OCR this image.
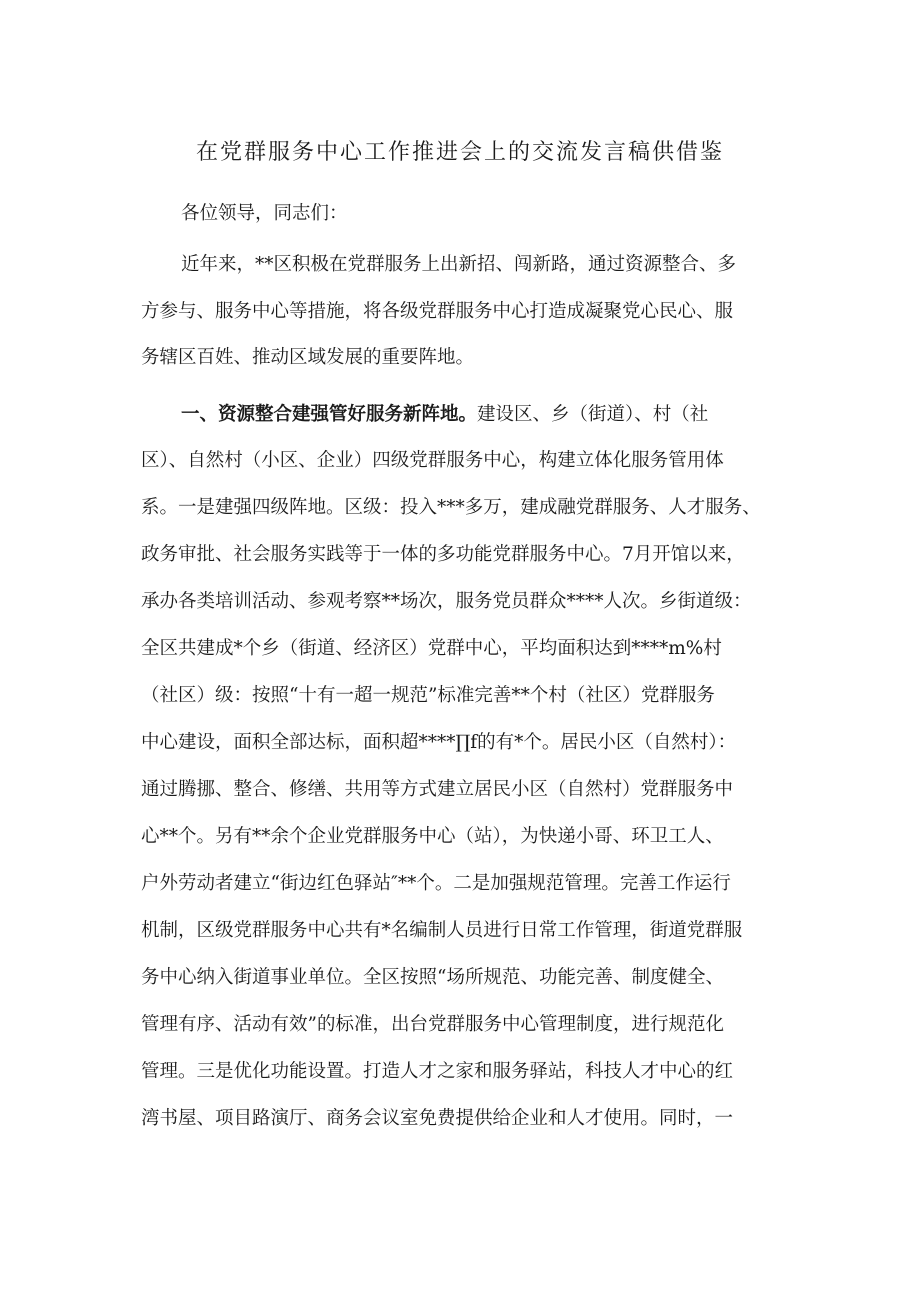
在党群服务中心工作推进会上的交流发言稿供借鉴
各位领导，同志们：
近年来，**区积极在党群服务上出新招、闯新路，通过资源整合、多
方参与、服务中心等措施，将各级党群服务中心打造成凝聚党心民心、服
务辖区百姓、推动区域发展的重要阵地。
一、资源整合建强管好服务新阵地。建设区、乡（街道）、村（社
区）、自然村（小区、企业）四级党群服务中心，构建立体化服务管用体
系。一是建强四级阵地。区级：投入***多万，建成融党群服务、人才服务、
政务审批、社会服务实践等于一体的多功能党群服务中心。7月开馆以来，
承办各类培训活动、参观考察**场次，服务党员群众****人次。乡街道级：
全区共建成*个乡（街道、经济区）党群中心，平均面积达到****m%村
（社区）级：按照“十有一超一规范”标准完善**个村（社区）党群服务
中心建设，面积全部达标，面积超****∏f的有*个。居民小区（自然村）：
通过腾挪、整合、修缮、共用等方式建立居民小区（自然村）党群服务中
心**个。另有**余个企业党群服务中心（站），为快递小哥、环卫工人、
户外劳动者建立“街边红色驿站″**个。二是加强规范管理。完善工作运行
机制，区级党群服务中心共有*名编制人员进行日常工作管理，街道党群服
务中心纳入街道事业单位。全区按照“场所规范、功能完善、制度健全、
管理有序、活动有效”的标准，出台党群服务中心管理制度，进行规范化
管理。三是优化功能设置。打造人才之家和服务驿站，科技人才中心的红
湾书屋、项目路演厅、商务会议室免费提供给企业和人才使用。同时，一
